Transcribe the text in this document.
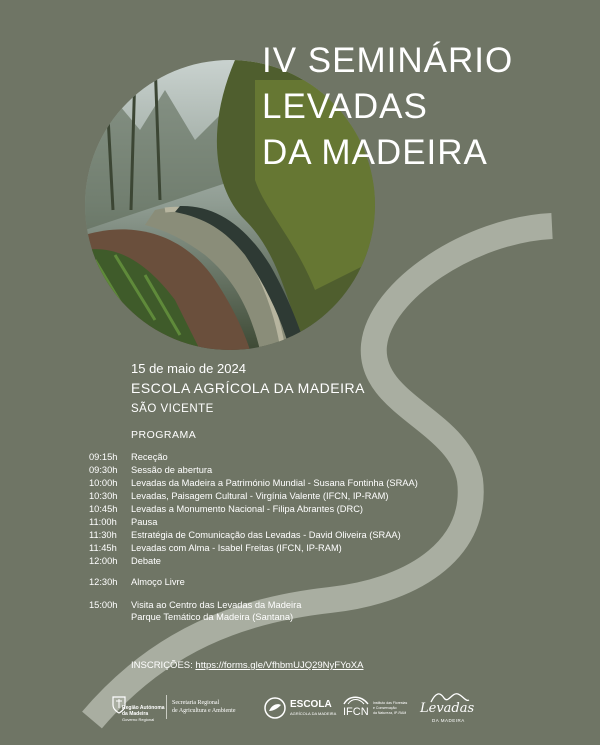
IV SEMINÁRIO
LEVADAS
DA MADEIRA
15 de maio de 2024
ESCOLA AGRÍCOLA DA MADEIRA
SÃO VICENTE
PROGRAMA
09:15h Receção
09:30h Sessão de abertura
10:00h Levadas da Madeira a Património Mundial - Susana Fontinha (SRAA)
10:30h Levadas, Paisagem Cultural - Virgínia Valente (IFCN, IP-RAM)
10:45h Levadas a Monumento Nacional - Filipa Abrantes (DRC)
11:00h Pausa
11:30h Estratégia de Comunicação das Levadas - David Oliveira (SRAA)
11:45h Levadas com Alma - Isabel Freitas (IFCN, IP-RAM)
12:00h Debate
12:30h Almoço Livre
15:00h Visita ao Centro das Levadas da Madeira
Parque Temático da Madeira (Santana)
INSCRIÇÕES: https://forms.gle/VfhbmUJQ29NyFYoXA
Região Autónoma
da Madeira
Governo Regional
Secretaria Regional
de Agricultura e Ambiente
ESCOLA
AGRÍCOLA DA MADEIRA IFCN
Instituto das Florestas
e Conservação
da Natureza, IP-RAM Levadas
DA MADEIRA
